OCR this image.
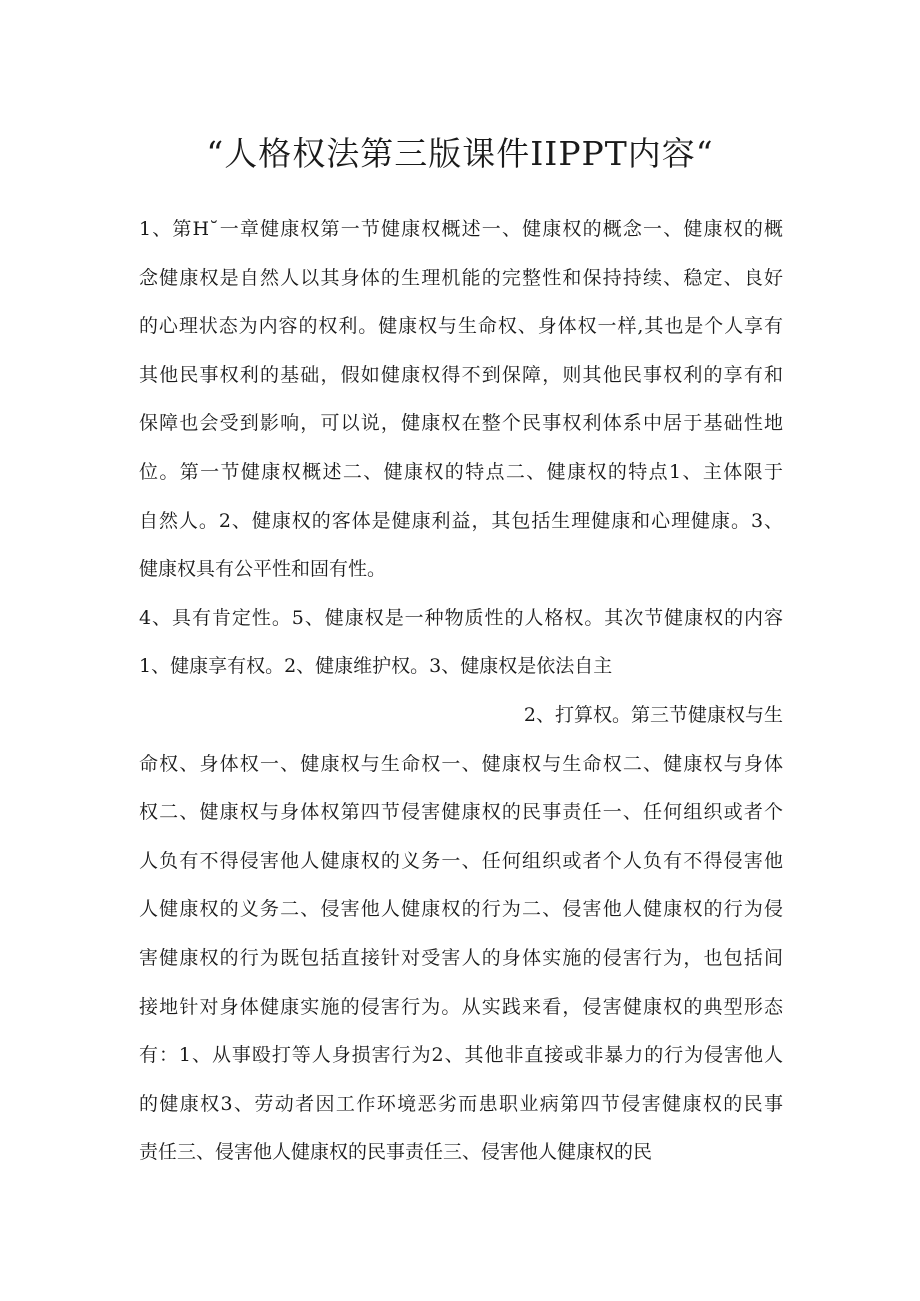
“人格权法第三版课件IIPPT内容“
1、第H˘一章健康权第一节健康权概述一、健康权的概念一、健康权的概
念健康权是自然人以其身体的生理机能的完整性和保持持续、稳定、良好
的心理状态为内容的权利。健康权与生命权、身体权一样,其也是个人享有
其他民事权利的基础，假如健康权得不到保障，则其他民事权利的享有和
保障也会受到影响，可以说，健康权在整个民事权利体系中居于基础性地
位。第一节健康权概述二、健康权的特点二、健康权的特点1、主体限于
自然人。2、健康权的客体是健康利益，其包括生理健康和心理健康。3、
健康权具有公平性和固有性。
4、具有肯定性。5、健康权是一种物质性的人格权。其次节健康权的内容
1、健康享有权。2、健康维护权。3、健康权是依法自主
2、打算权。第三节健康权与生
命权、身体权一、健康权与生命权一、健康权与生命权二、健康权与身体
权二、健康权与身体权第四节侵害健康权的民事责任一、任何组织或者个
人负有不得侵害他人健康权的义务一、任何组织或者个人负有不得侵害他
人健康权的义务二、侵害他人健康权的行为二、侵害他人健康权的行为侵
害健康权的行为既包括直接针对受害人的身体实施的侵害行为，也包括间
接地针对身体健康实施的侵害行为。从实践来看，侵害健康权的典型形态
有：1、从事殴打等人身损害行为2、其他非直接或非暴力的行为侵害他人
的健康权3、劳动者因工作环境恶劣而患职业病第四节侵害健康权的民事
责任三、侵害他人健康权的民事责任三、侵害他人健康权的民
